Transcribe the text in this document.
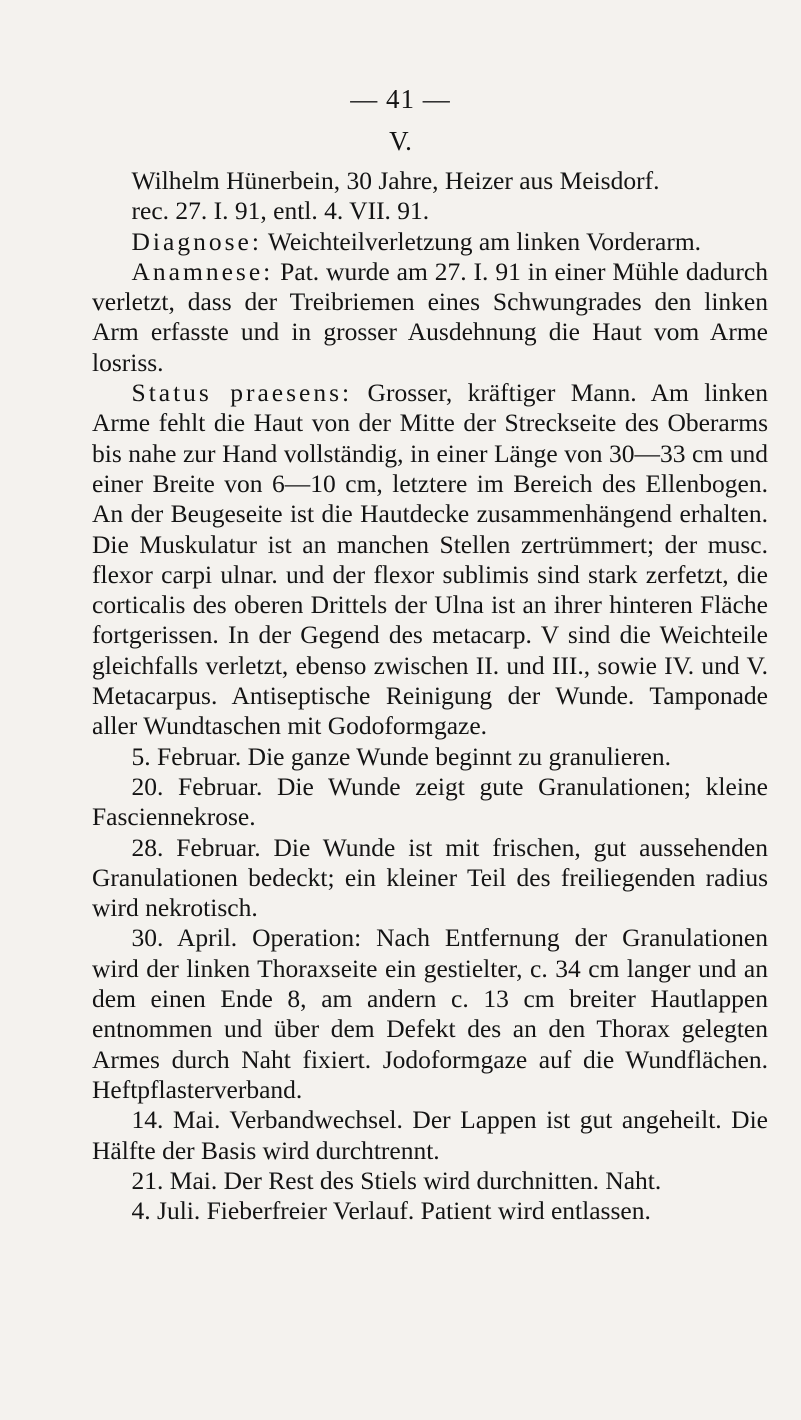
— 41 —
V.

Wilhelm Hünerbein, 30 Jahre, Heizer aus Meisdorf.

rec. 27. I. 91, entl. 4. VII. 91.

Diagnose: Weichteilverletzung am linken Vorderarm.

Anamnese: Pat. wurde am 27. I. 91 in einer Mühle dadurch verletzt, dass der Treibriemen eines Schwungrades den linken Arm erfasste und in grosser Ausdehnung die Haut vom Arme losriss.

Status praesens: Grosser, kräftiger Mann. Am linken Arme fehlt die Haut von der Mitte der Streckseite des Oberarms bis nahe zur Hand vollständig, in einer Länge von 30—33 cm und einer Breite von 6—10 cm, letztere im Bereich des Ellenbogen. An der Beugeseite ist die Hautdecke zusammenhängend erhalten. Die Muskulatur ist an manchen Stellen zertrümmert; der musc. flexor carpi ulnar. und der flexor sublimis sind stark zerfetzt, die corticalis des oberen Drittels der Ulna ist an ihrer hinteren Fläche fortgerissen. In der Gegend des metacarp. V sind die Weichteile gleichfalls verletzt, ebenso zwischen II. und III., sowie IV. und V. Metacarpus. Antiseptische Reinigung der Wunde. Tamponade aller Wundtaschen mit Godoformgaze.

5. Februar. Die ganze Wunde beginnt zu granulieren.

20. Februar. Die Wunde zeigt gute Granulationen; kleine Fasciennekrose.

28. Februar. Die Wunde ist mit frischen, gut aussehenden Granulationen bedeckt; ein kleiner Teil des freiliegenden radius wird nekrotisch.

30. April. Operation: Nach Entfernung der Granulationen wird der linken Thoraxseite ein gestielter, c. 34 cm langer und an dem einen Ende 8, am andern c. 13 cm breiter Hautlappen entnommen und über dem Defekt des an den Thorax gelegten Armes durch Naht fixiert. Jodoformgaze auf die Wundflächen. Heftpflasterverband.

14. Mai. Verbandwechsel. Der Lappen ist gut angeheilt. Die Hälfte der Basis wird durchtrennt.

21. Mai. Der Rest des Stiels wird durchnitten. Naht.

4. Juli. Fieberfreier Verlauf. Patient wird entlassen.
